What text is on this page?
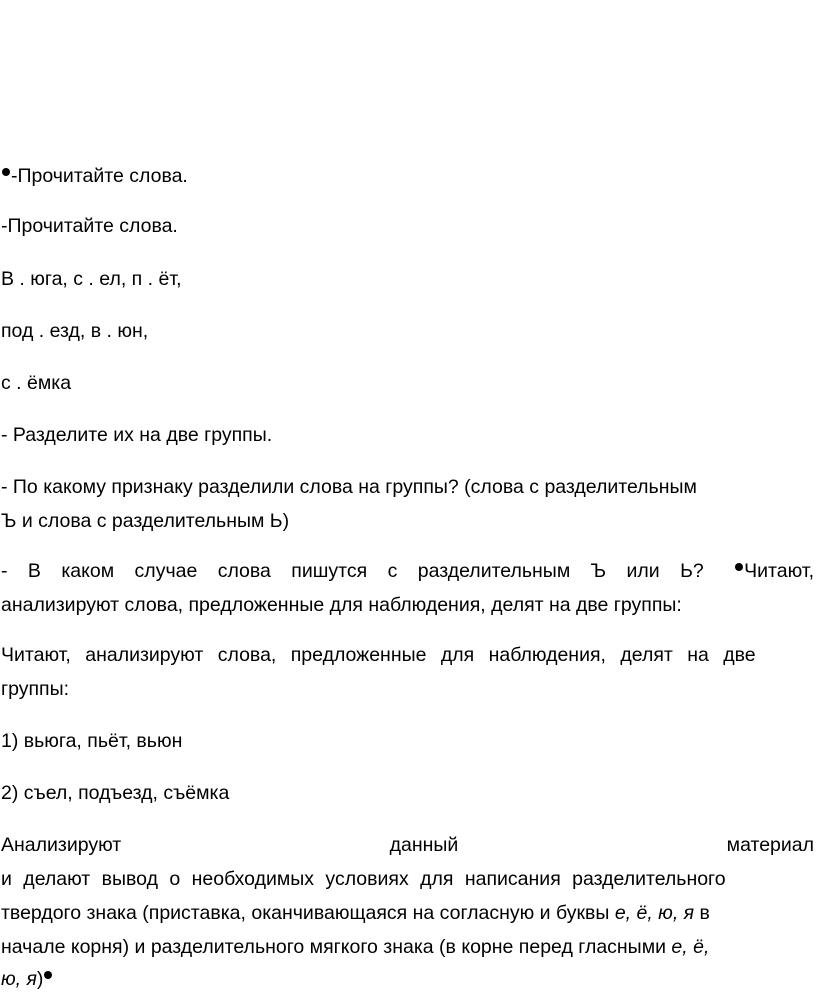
-Прочитайте слова.
-Прочитайте слова.
В . юга, с . ел, п . ёт,
под . езд, в . юн,
с . ёмка
- Разделите их на две группы.
- По какому признаку разделили слова на группы? (слова с разделительным
Ъ и слова с разделительным Ь)
- В каком случае слова пишутся с разделительным Ъ или Ь?	Читают,
анализируют слова, предложенные для наблюдения, делят на две группы:
Читают, анализируют слова, предложенные для наблюдения, делят на две
группы:
1) вьюга, пьёт, вьюн
2) съел, подъезд, съёмка
Анализируют	данный	материал
и делают вывод о необходимых условиях для написания разделительного
твердого знака (приставка, оканчивающаяся на согласную и буквы е, ё, ю, я в
начале корня) и разделительного мягкого знака (в корне перед гласными е, ё,
ю, я)
